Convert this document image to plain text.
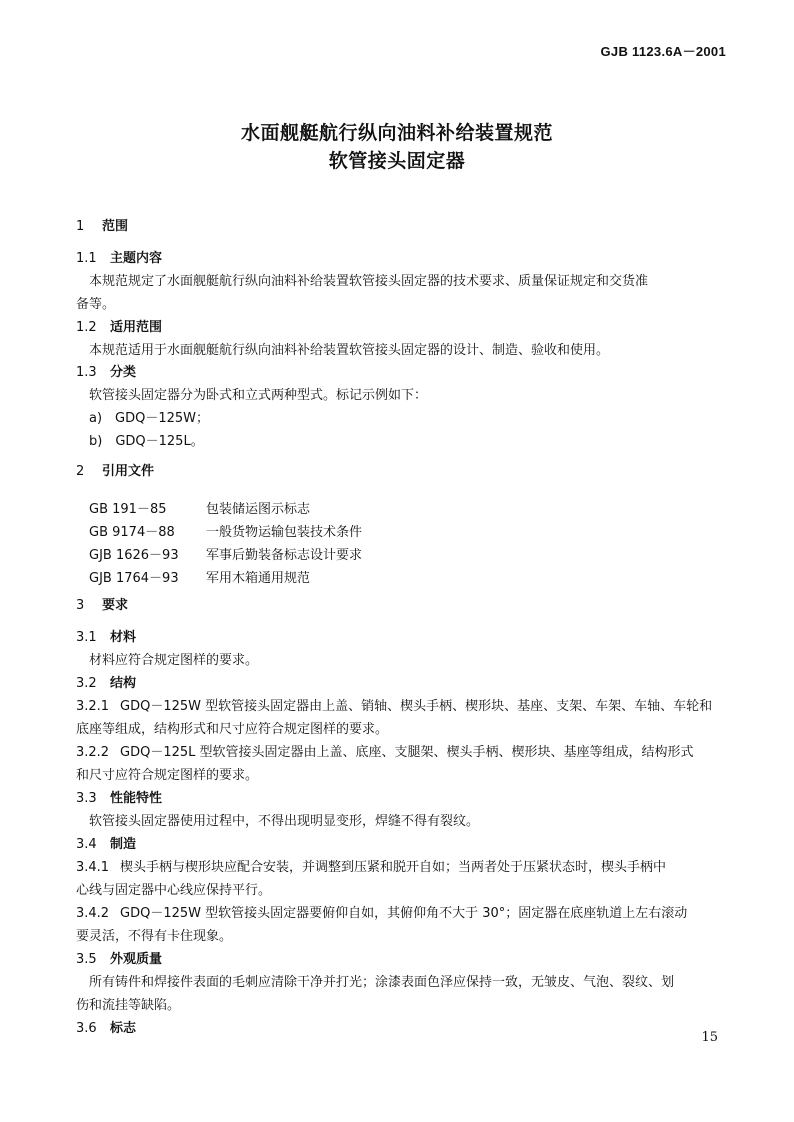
GJB 1123.6A－2001
水面舰艇航行纵向油料补给装置规范
软管接头固定器
1 范围
1.1 主题内容
本规范规定了水面舰艇航行纵向油料补给装置软管接头固定器的技术要求、质量保证规定和交货准
备等。
1.2 适用范围
本规范适用于水面舰艇航行纵向油料补给装置软管接头固定器的设计、制造、验收和使用。
1.3 分类
软管接头固定器分为卧式和立式两种型式。标记示例如下：
a)　GDQ－125W；
b)　GDQ－125L。
2 引用文件
GB 191－85	包装储运图示标志
GB 9174－88 一般货物运输包装技术条件
GJB 1626－93 军事后勤装备标志设计要求
GJB 1764－93 军用木箱通用规范
3 要求
3.1 材料
材料应符合规定图样的要求。
3.2 结构
3.2.1 GDQ－125W 型软管接头固定器由上盖、销轴、楔头手柄、楔形块、基座、支架、车架、车轴、车轮和
底座等组成，结构形式和尺寸应符合规定图样的要求。
3.2.2 GDQ－125L 型软管接头固定器由上盖、底座、支腿架、楔头手柄、楔形块、基座等组成，结构形式
和尺寸应符合规定图样的要求。
3.3 性能特性
软管接头固定器使用过程中，不得出现明显变形，焊缝不得有裂纹。
3.4 制造
3.4.1 楔头手柄与楔形块应配合安装，并调整到压紧和脱开自如；当两者处于压紧状态时，楔头手柄中
心线与固定器中心线应保持平行。
3.4.2 GDQ－125W 型软管接头固定器要俯仰自如，其俯仰角不大于 30°；固定器在底座轨道上左右滚动
要灵活，不得有卡住现象。
3.5 外观质量
所有铸件和焊接件表面的毛刺应清除干净并打光；涂漆表面色泽应保持一致，无皱皮、气泡、裂纹、划
伤和流挂等缺陷。
3.6 标志
15
